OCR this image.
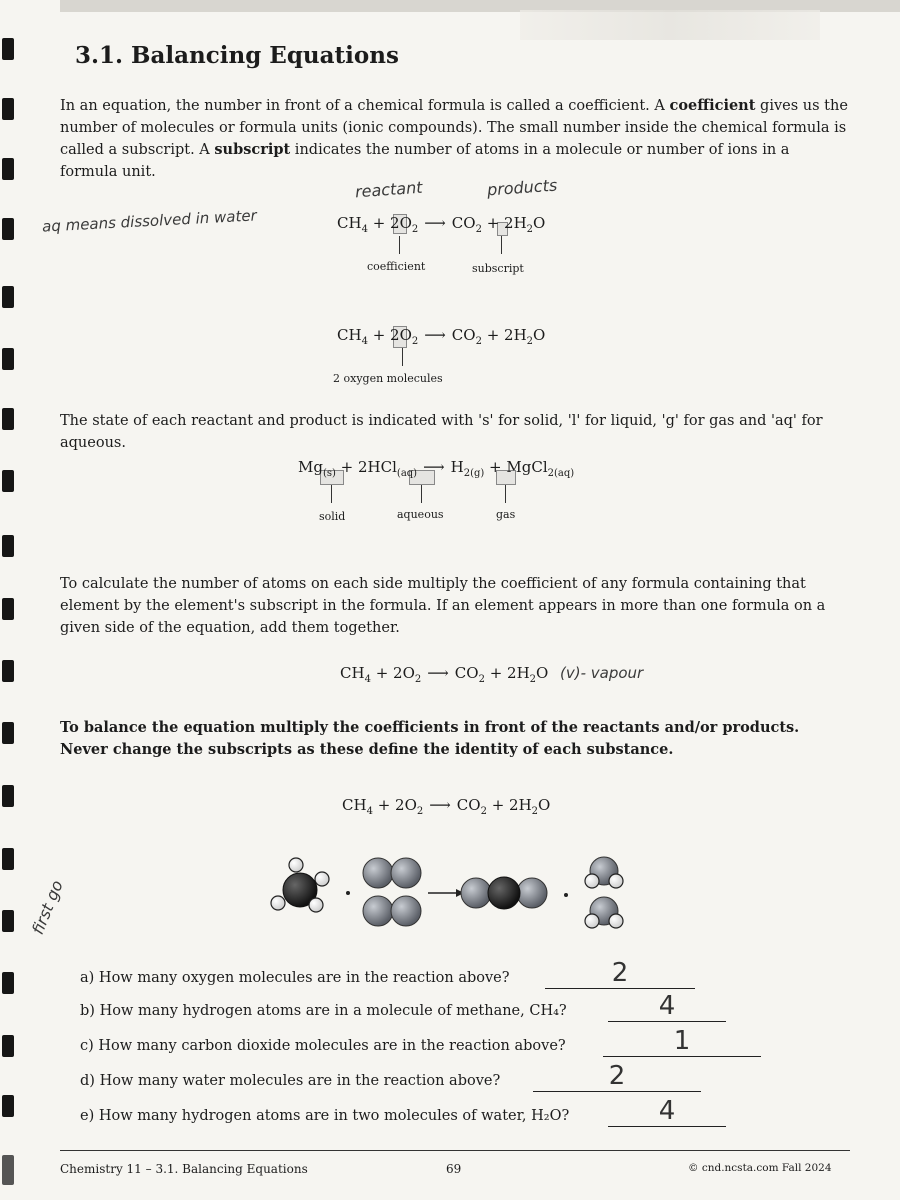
3.1. Balancing Equations

In an equation, the number in front of a chemical formula is called a coefficient. A coefficient gives us the number of molecules or formula units (ionic compounds). The small number inside the chemical formula is called a subscript. A subscript indicates the number of atoms in a molecule or number of ions in a formula unit.

aq means dissolved in water
reactant	products
$CH_4 + 2O_2$ ⟶ $CO_2 + 2H_2O$
coefficient	subscript
$CH_4 + 2O_2$ ⟶ $CO_2 + 2H_2O$
2 oxygen molecules

The state of each reactant and product is indicated with 's' for solid, 'l' for liquid, 'g' for gas and 'aq' for aqueous.

$Mg_{(s)} + 2HCl_{(aq)}$ ⟶ $H_{2(g)}$ + MgCl$_{2(aq)}$
solid	aqueous	gas

To calculate the number of atoms on each side multiply the coefficient of any formula containing that element by the element's subscript in the formula. If an element appears in more than one formula on a given side of the equation, add them together.

$CH_4 + 2O_2$ ⟶ $CO_2 + 2H_2O$ (v)- vapour

To balance the equation multiply the coefficients in front of the reactants and/or products. Never change the subscripts as these define the identity of each substance.

$CH_4 + 2O_2$ ⟶ $CO_2 + 2H_2O$
first go
a) How many oxygen molecules are in the reaction above?	2
b) How many hydrogen atoms are in a molecule of methane, CH₄?	4
c) How many carbon dioxide molecules are in the reaction above?	1
d) How many water molecules are in the reaction above?	2
e) How many hydrogen atoms are in two molecules of water, H₂O?	4
Chemistry 11 – 3.1. Balancing Equations	69	© cnd.ncsta.com Fall 2024
